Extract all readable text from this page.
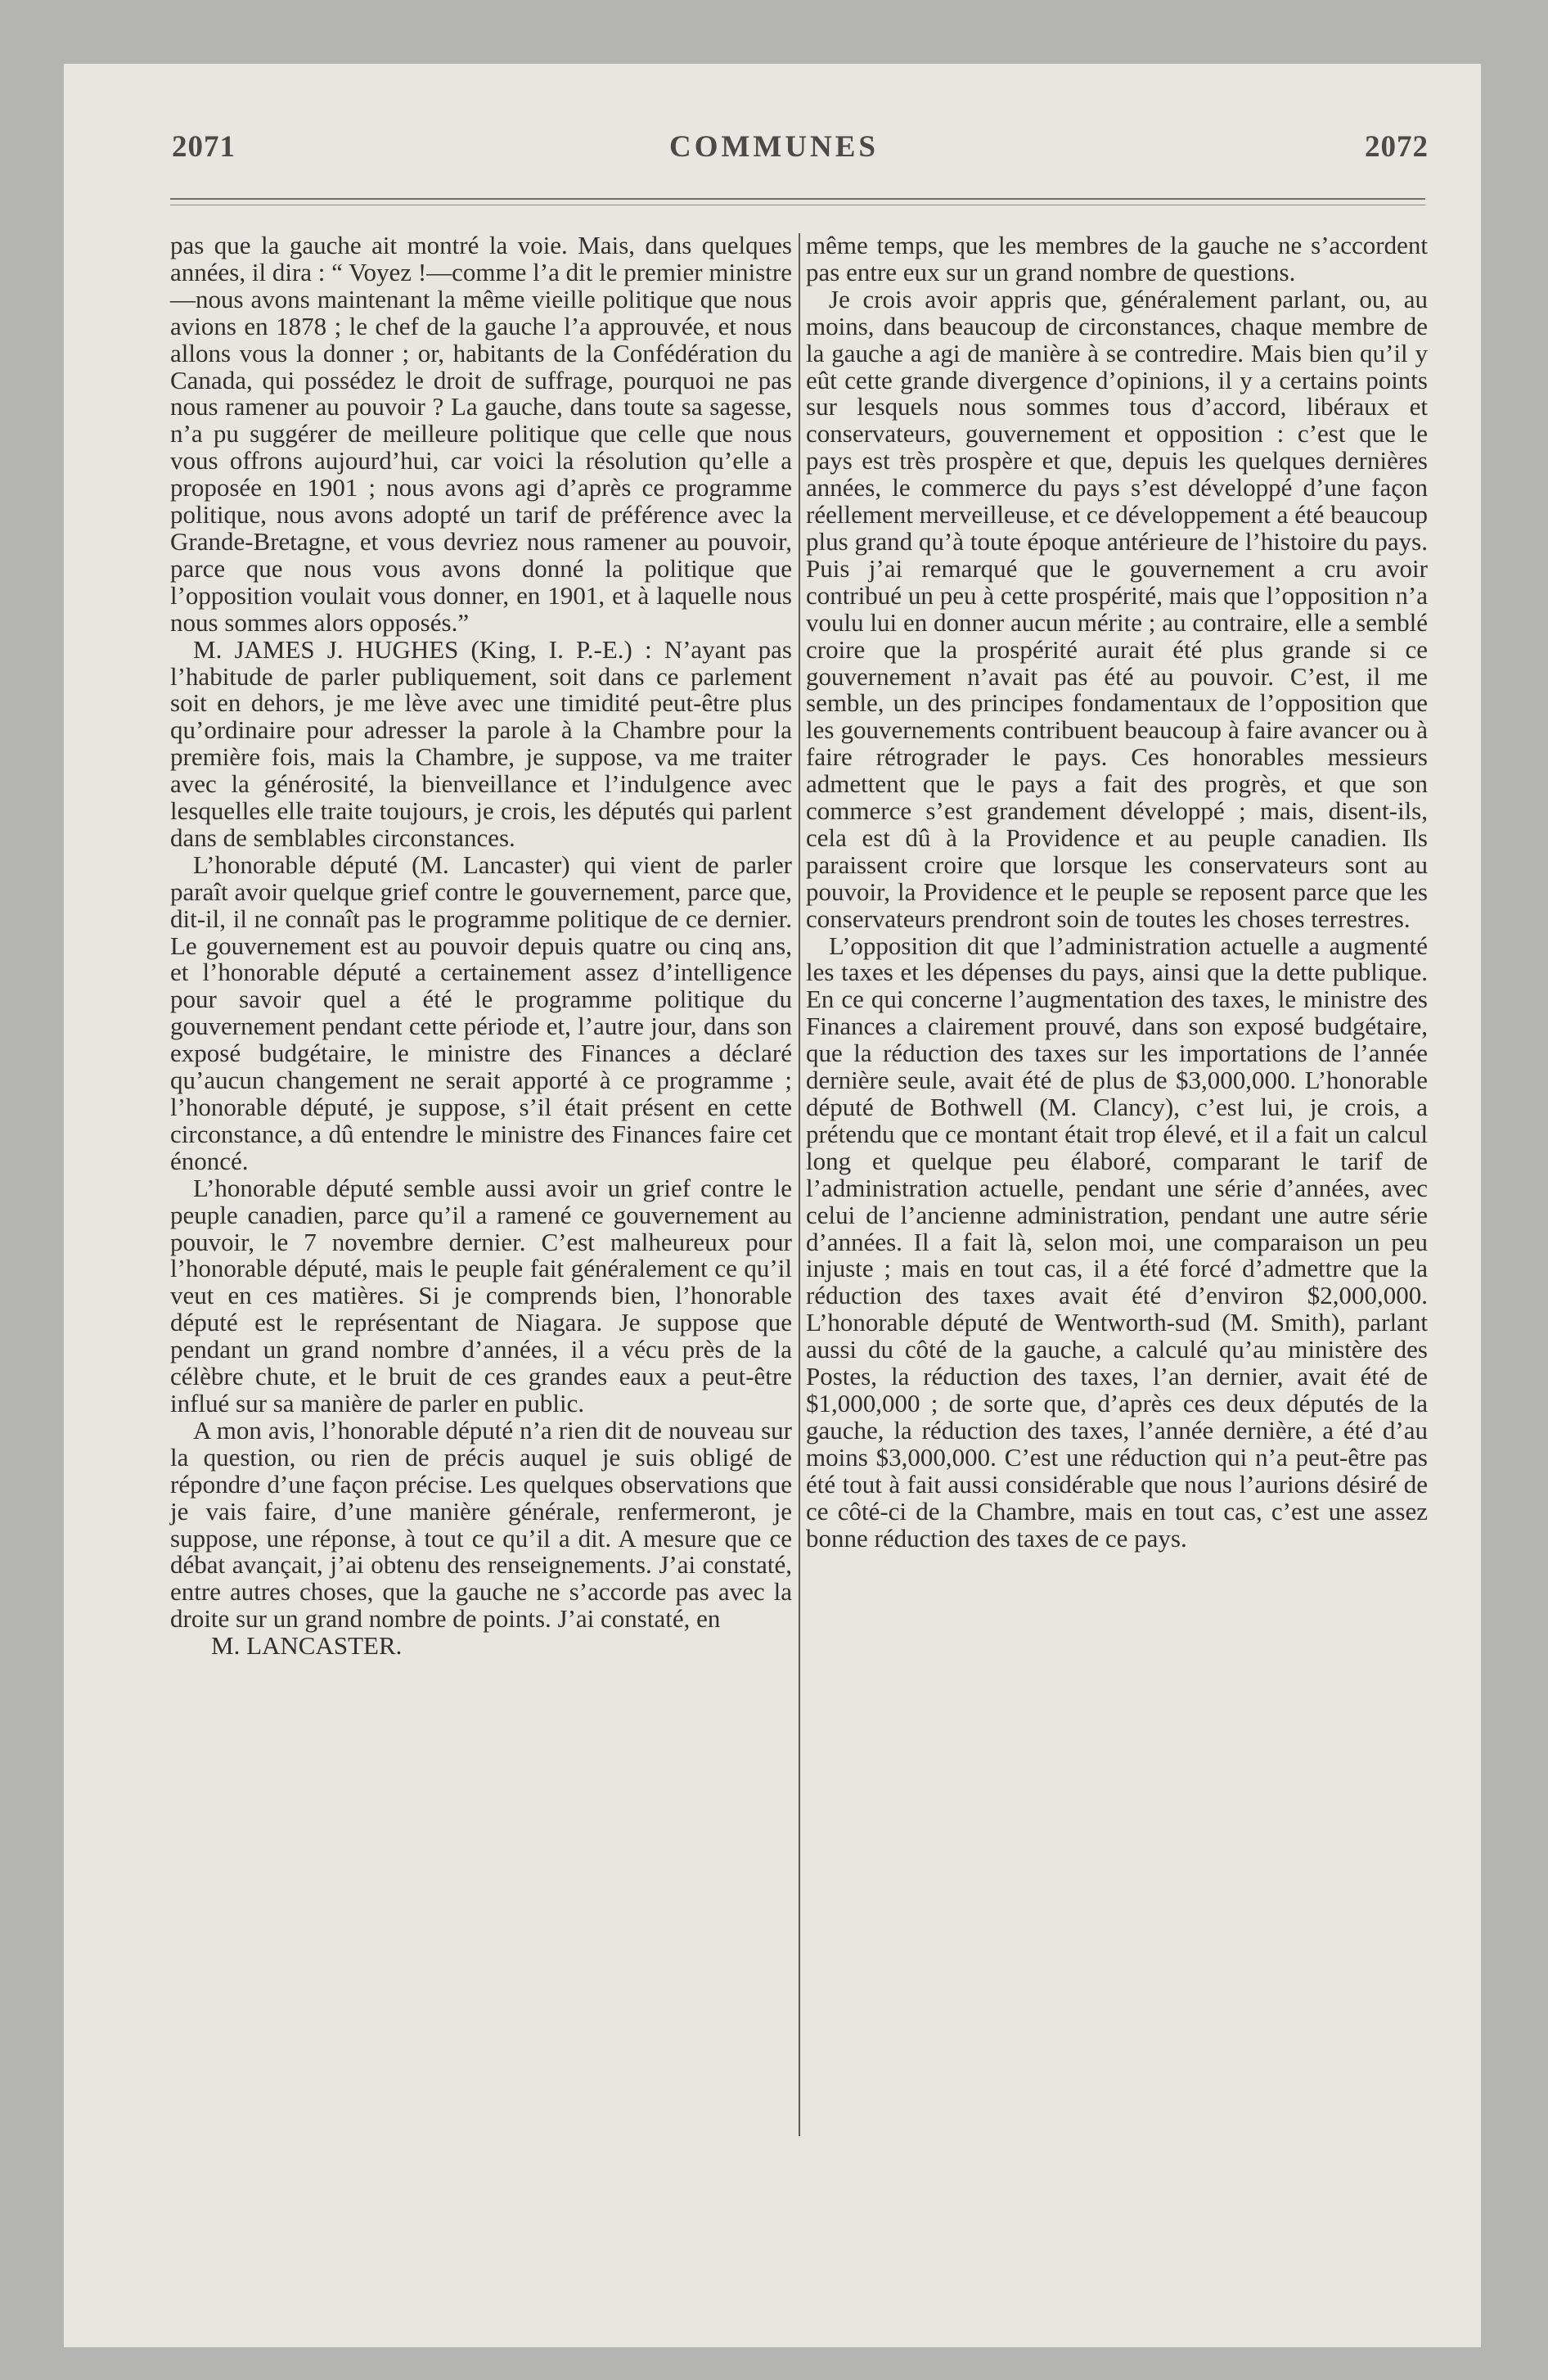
2071	COMMUNES	2072

pas que la gauche ait montré la voie. Mais, dans quelques années, il dira : “ Voyez !—comme l’a dit le premier ministre—nous avons maintenant la même vieille politique que nous avions en 1878 ; le chef de la gauche l’a approuvée, et nous allons vous la donner ; or, habitants de la Confédération du Canada, qui possédez le droit de suffrage, pourquoi ne pas nous ramener au pouvoir ? La gauche, dans toute sa sagesse, n’a pu suggérer de meilleure politique que celle que nous vous offrons aujourd’hui, car voici la résolution qu’elle a proposée en 1901 ; nous avons agi d’après ce programme politique, nous avons adopté un tarif de préférence avec la Grande-Bretagne, et vous devriez nous ramener au pouvoir, parce que nous vous avons donné la politique que l’opposition voulait vous donner, en 1901, et à laquelle nous nous sommes alors opposés.”

M. JAMES J. HUGHES (King, I. P.-E.) : N’ayant pas l’habitude de parler publiquement, soit dans ce parlement soit en dehors, je me lève avec une timidité peut-être plus qu’ordinaire pour adresser la parole à la Chambre pour la première fois, mais la Chambre, je suppose, va me traiter avec la générosité, la bienveillance et l’indulgence avec lesquelles elle traite toujours, je crois, les députés qui parlent dans de semblables circonstances.

L’honorable député (M. Lancaster) qui vient de parler paraît avoir quelque grief contre le gouvernement, parce que, dit-il, il ne connaît pas le programme politique de ce dernier. Le gouvernement est au pouvoir depuis quatre ou cinq ans, et l’honorable député a certainement assez d’intelligence pour savoir quel a été le programme politique du gouvernement pendant cette période et, l’autre jour, dans son exposé budgétaire, le ministre des Finances a déclaré qu’aucun changement ne serait apporté à ce programme ; l’honorable député, je suppose, s’il était présent en cette circonstance, a dû entendre le ministre des Finances faire cet énoncé.

L’honorable député semble aussi avoir un grief contre le peuple canadien, parce qu’il a ramené ce gouvernement au pouvoir, le 7 novembre dernier. C’est malheureux pour l’honorable député, mais le peuple fait généralement ce qu’il veut en ces matières. Si je comprends bien, l’honorable député est le représentant de Niagara. Je suppose que pendant un grand nombre d’années, il a vécu près de la célèbre chute, et le bruit de ces grandes eaux a peut-être influé sur sa manière de parler en public.

A mon avis, l’honorable député n’a rien dit de nouveau sur la question, ou rien de précis auquel je suis obligé de répondre d’une façon précise. Les quelques observations que je vais faire, d’une manière générale, renfermeront, je suppose, une réponse, à tout ce qu’il a dit. A mesure que ce débat avançait, j’ai obtenu des renseignements. J’ai constaté, entre autres choses, que la gauche ne s’accorde pas avec la droite sur un grand nombre de points. J’ai constaté, en

M. LANCASTER.

même temps, que les membres de la gauche ne s’accordent pas entre eux sur un grand nombre de questions.

Je crois avoir appris que, généralement parlant, ou, au moins, dans beaucoup de circonstances, chaque membre de la gauche a agi de manière à se contredire. Mais bien qu’il y eût cette grande divergence d’opinions, il y a certains points sur lesquels nous sommes tous d’accord, libéraux et conservateurs, gouvernement et opposition : c’est que le pays est très prospère et que, depuis les quelques dernières années, le commerce du pays s’est développé d’une façon réellement merveilleuse, et ce développement a été beaucoup plus grand qu’à toute époque antérieure de l’histoire du pays. Puis j’ai remarqué que le gouvernement a cru avoir contribué un peu à cette prospérité, mais que l’opposition n’a voulu lui en donner aucun mérite ; au contraire, elle a semblé croire que la prospérité aurait été plus grande si ce gouvernement n’avait pas été au pouvoir. C’est, il me semble, un des principes fondamentaux de l’opposition que les gouvernements contribuent beaucoup à faire avancer ou à faire rétrograder le pays. Ces honorables messieurs admettent que le pays a fait des progrès, et que son commerce s’est grandement développé ; mais, disent-ils, cela est dû à la Providence et au peuple canadien. Ils paraissent croire que lorsque les conservateurs sont au pouvoir, la Providence et le peuple se reposent parce que les conservateurs prendront soin de toutes les choses terrestres.

L’opposition dit que l’administration actuelle a augmenté les taxes et les dépenses du pays, ainsi que la dette publique. En ce qui concerne l’augmentation des taxes, le ministre des Finances a clairement prouvé, dans son exposé budgétaire, que la réduction des taxes sur les importations de l’année dernière seule, avait été de plus de $3,000,000. L’honorable député de Bothwell (M. Clancy), c’est lui, je crois, a prétendu que ce montant était trop élevé, et il a fait un calcul long et quelque peu élaboré, comparant le tarif de l’administration actuelle, pendant une série d’années, avec celui de l’ancienne administration, pendant une autre série d’années. Il a fait là, selon moi, une comparaison un peu injuste ; mais en tout cas, il a été forcé d’admettre que la réduction des taxes avait été d’environ $2,000,000. L’honorable député de Wentworth-sud (M. Smith), parlant aussi du côté de la gauche, a calculé qu’au ministère des Postes, la réduction des taxes, l’an dernier, avait été de $1,000,000 ; de sorte que, d’après ces deux députés de la gauche, la réduction des taxes, l’année dernière, a été d’au moins $3,000,000. C’est une réduction qui n’a peut-être pas été tout à fait aussi considérable que nous l’aurions désiré de ce côté-ci de la Chambre, mais en tout cas, c’est une assez bonne réduction des taxes de ce pays.
